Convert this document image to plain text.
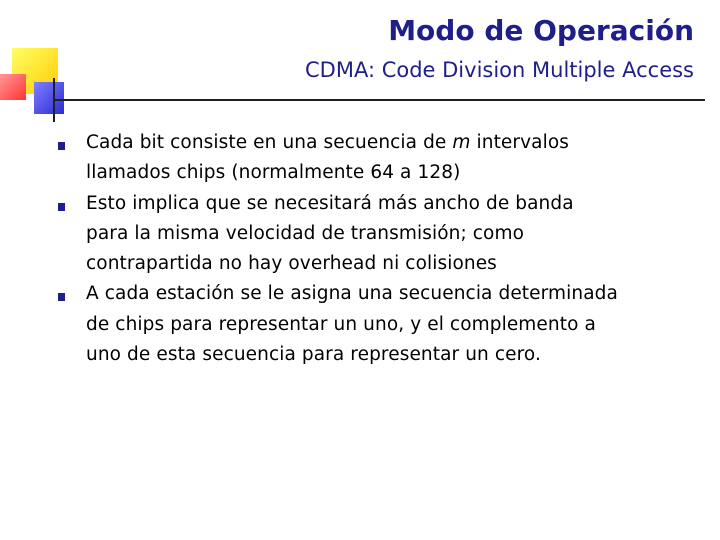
Modo de Operación
CDMA: Code Division Multiple Access
Cada bit consiste en una secuencia de m intervalos
llamados chips (normalmente 64 a 128)
Esto implica que se necesitará más ancho de banda
para la misma velocidad de transmisión; como
contrapartida no hay overhead ni colisiones
A cada estación se le asigna una secuencia determinada
de chips para representar un uno, y el complemento a
uno de esta secuencia para representar un cero.
